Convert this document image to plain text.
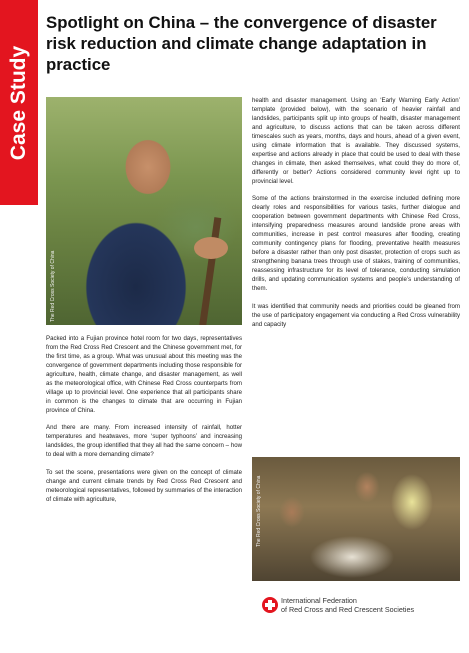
Case Study
Spotlight on China – the convergence of disaster risk reduction and climate change adaptation in practice
The Red Cross Society of China

Packed into a Fujian province hotel room for two days, representatives from the Red Cross Red Crescent and the Chinese government met, for the first time, as a group. What was unusual about this meeting was the convergence of government departments including those responsible for agriculture, health, climate change, and disaster management, as well as the meteorological office, with Chinese Red Cross counterparts from village up to provincial level. One experience that all participants share in common is the changes to climate that are occurring in Fujian province of China.

And there are many. From increased intensity of rainfall, hotter temperatures and heatwaves, more ‘super typhoons’ and increasing landslides, the group identified that they all had the same concern – how to deal with a more demanding climate?

To set the scene, presentations were given on the concept of climate change and current climate trends by Red Cross Red Crescent and meteorological representatives, followed by summaries of the interaction of climate with agriculture,

health and disaster management. Using an ‘Early Warning Early Action’ template (provided below), with the scenario of heavier rainfall and landslides, participants split up into groups of health, disaster management and agriculture, to discuss actions that can be taken across different timescales such as years, months, days and hours, ahead of a given event, using climate information that is available. They discussed systems, expertise and actions already in place that could be used to deal with these changes in climate, then asked themselves, what could they do more of, differently or better? Actions considered community level right up to provincial level.

Some of the actions brainstormed in the exercise included defining more clearly roles and responsibilities for various tasks, further dialogue and cooperation between government departments with Chinese Red Cross, intensifying preparedness measures around landslide prone areas with communities, increase in pest control measures after flooding, creating community contingency plans for flooding, preventative health measures before a disaster rather than only post disaster, protection of crops such as strengthening banana trees through use of stakes, training of communities, reassessing infrastructure for its level of tolerance, conducting simulation drills, and updating communication systems and people’s understanding of them.

It was identified that community needs and priorities could be gleaned from the use of participatory engagement via conducting a Red Cross vulnerability and capacity

The Red Cross Society of China
International Federation
of Red Cross and Red Crescent Societies
